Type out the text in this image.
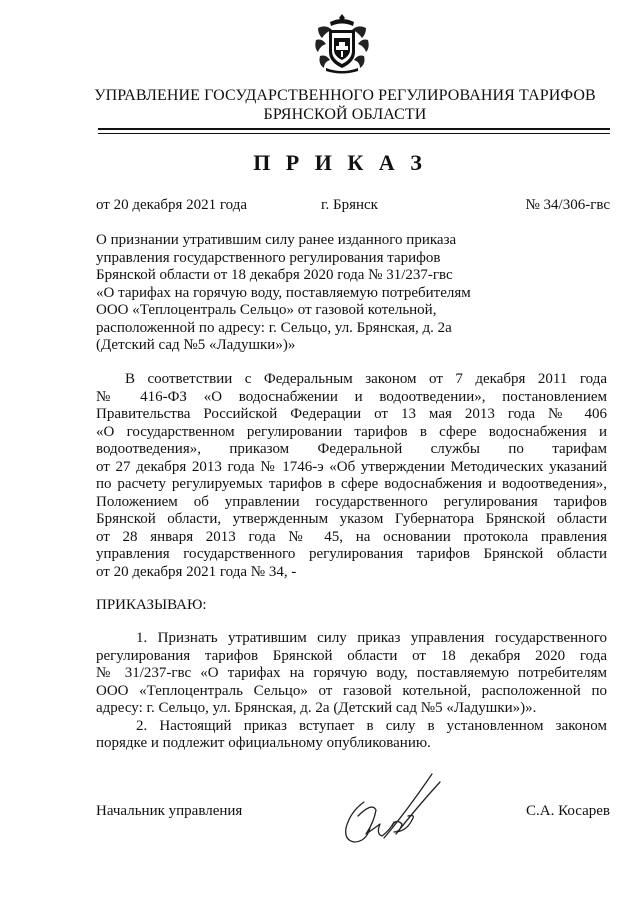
УПРАВЛЕНИЕ ГОСУДАРСТВЕННОГО РЕГУЛИРОВАНИЯ ТАРИФОВ
БРЯНСКОЙ ОБЛАСТИ
П Р И К А З
от 20 декабря 2021 года	г. Брянск	№ 34/306-гвс
О признании утратившим силу ранее изданного приказа
управления государственного регулирования тарифов
Брянской области от 18 декабря 2020 года № 31/237-гвс
«О тарифах на горячую воду, поставляемую потребителям
ООО «Теплоцентраль Сельцо» от газовой котельной,
расположенной по адресу: г. Сельцо, ул. Брянская, д. 2а
(Детский сад №5 «Ладушки»)»
В соответствии с Федеральным законом от 7 декабря 2011 года
№ 416-ФЗ «О водоснабжении и водоотведении», постановлением
Правительства Российской Федерации от 13 мая 2013 года № 406
«О государственном регулировании тарифов в сфере водоснабжения и
водоотведения», приказом Федеральной службы по тарифам
от 27 декабря 2013 года № 1746-э «Об утверждении Методических указаний
по расчету регулируемых тарифов в сфере водоснабжения и водоотведения»,
Положением об управлении государственного регулирования тарифов
Брянской области, утвержденным указом Губернатора Брянской области
от 28 января 2013 года № 45, на основании протокола правления
управления государственного регулирования тарифов Брянской области
от 20 декабря 2021 года № 34, -
ПРИКАЗЫВАЮ:
1. Признать утратившим силу приказ управления государственного
регулирования тарифов Брянской области от 18 декабря 2020 года
№ 31/237-гвс «О тарифах на горячую воду, поставляемую потребителям
ООО «Теплоцентраль Сельцо» от газовой котельной, расположенной по
адресу: г. Сельцо, ул. Брянская, д. 2а (Детский сад №5 «Ладушки»)».
2. Настоящий приказ вступает в силу в установленном законом
порядке и подлежит официальному опубликованию.
Начальник управления	С.А. Косарев
